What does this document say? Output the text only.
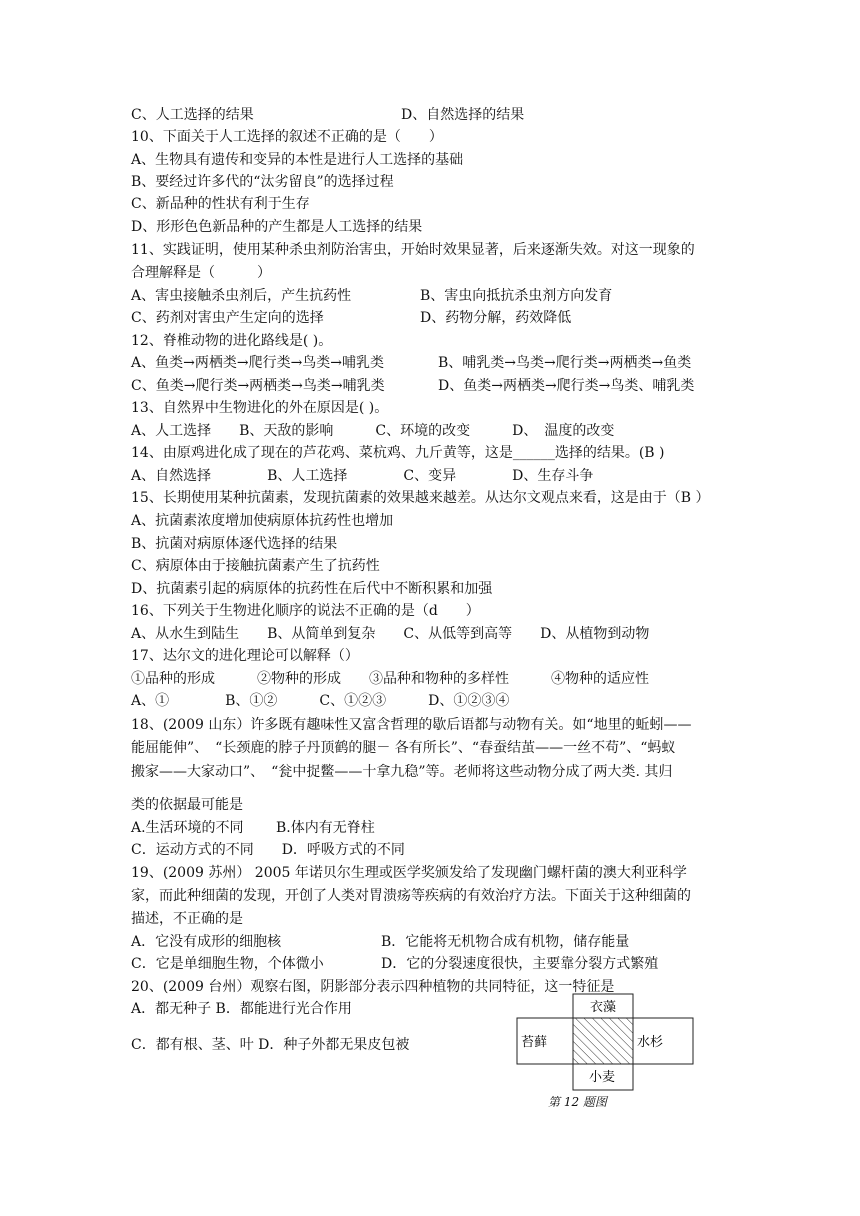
C、人工选择的结果	D、自然选择的结果
10、下面关于人工选择的叙述不正确的是（　　）
A、生物具有遗传和变异的本性是进行人工选择的基础
B、要经过许多代的“汰劣留良”的选择过程
C、新品种的性状有利于生存
D、形形色色新品种的产生都是人工选择的结果
11、实践证明，使用某种杀虫剂防治害虫，开始时效果显著，后来逐渐失效。对这一现象的
合理解释是（　　　）
A、害虫接触杀虫剂后，产生抗药性	B、害虫向抵抗杀虫剂方向发育
C、药剂对害虫产生定向的选择	D、药物分解，药效降低
12、脊椎动物的进化路线是( )。
A、鱼类→两栖类→爬行类→鸟类→哺乳类	B、哺乳类→鸟类→爬行类→两栖类→鱼类
C、鱼类→爬行类→两栖类→鸟类→哺乳类	D、鱼类→两栖类→爬行类→鸟类、哺乳类
13、自然界中生物进化的外在原因是( )。
A、人工选择　　B、天敌的影响　　　C、环境的改变　　　D、　温度的改变
14、由原鸡进化成了现在的芦花鸡、菜杭鸡、九斤黄等，这是______选择的结果。(B )
A、自然选择　　　　B、人工选择　　　　C、变异　　　　D、生存斗争
15、长期使用某种抗菌素，发现抗菌素的效果越来越差。从达尔文观点来看，这是由于（B ）
A、抗菌素浓度增加使病原体抗药性也增加
B、抗菌对病原体逐代选择的结果
C、病原体由于接触抗菌素产生了抗药性
D、抗菌素引起的病原体的抗药性在后代中不断积累和加强
16、下列关于生物进化顺序的说法不正确的是（d　　）
A、从水生到陆生　　B、从简单到复杂　　C、从低等到高等　　D、从植物到动物
17、达尔文的进化理论可以解释（）
①品种的形成　　　②物种的形成　　③品种和物种的多样性　　　④物种的适应性
A、①　　　　B、①②　　　C、①②③　　　D、①②③④
18、(2009 山东）许多既有趣味性又富含哲理的歇后语都与动物有关。如“地里的蚯蚓——
能屈能伸”、　“长颈鹿的脖子丹顶鹤的腿－ 各有所长”、“春蚕结茧——一丝不苟”、“蚂蚁
搬家——大家动口”、　“瓮中捉鳖——十拿九稳”等。老师将这些动物分成了两大类. 其归
类的依据最可能是
A.生活环境的不同　　 B.体内有无脊柱
C．运动方式的不同　　D．呼吸方式的不同
19、(2009 苏州） 2005 年诺贝尔生理或医学奖颁发给了发现幽门螺杆菌的澳大利亚科学
家，而此种细菌的发现，开创了人类对胃溃疡等疾病的有效治疗方法。下面关于这种细菌的
描述，不正确的是
A．它没有成形的细胞核	B．它能将无机物合成有机物，储存能量
C．它是单细胞生物，个体微小	D．它的分裂速度很快，主要靠分裂方式繁殖
20、(2009 台州）观察右图，阴影部分表示四种植物的共同特征，这一特征是
A．都无种子 B．都能进行光合作用
C．都有根、茎、叶 D．种子外都无果皮包被
衣藻
苔藓	水杉
小麦
第 12 题图
